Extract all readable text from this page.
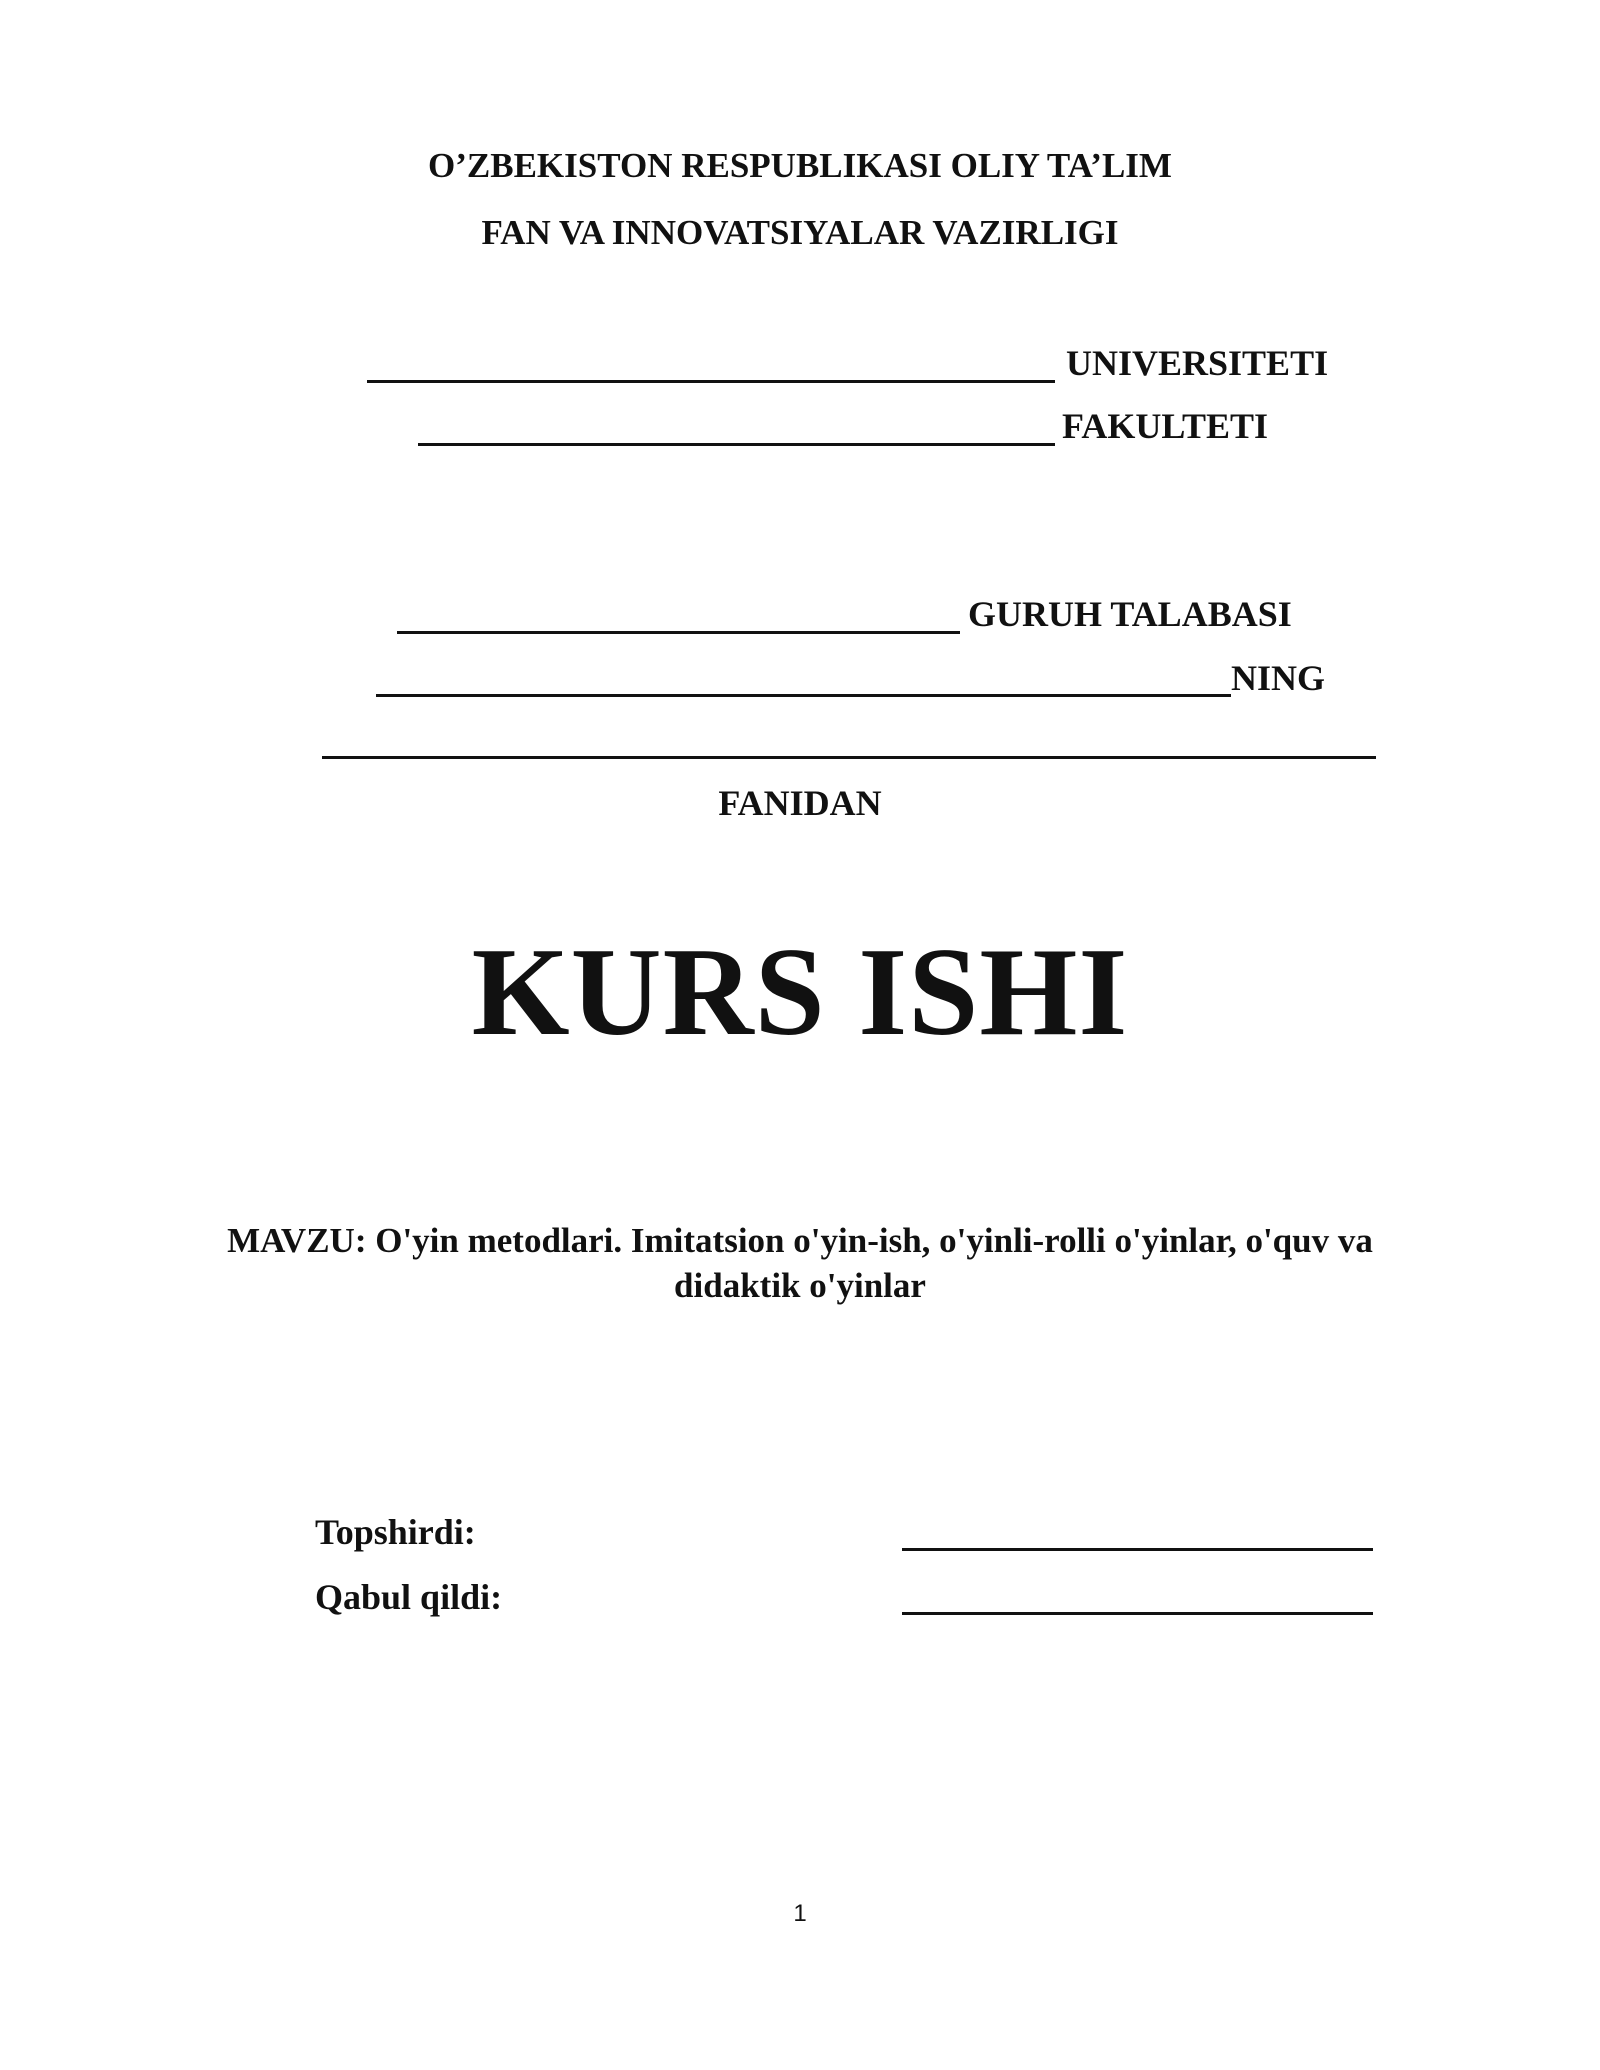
O’ZBEKISTON RESPUBLIKASI OLIY TA’LIM
FAN VA INNOVATSIYALAR VAZIRLIGI
UNIVERSITETI
FAKULTETI
GURUH TALABASI
NING
FANIDAN
KURS ISHI
MAVZU: O'yin metodlari. Imitatsion o'yin-ish, o'yinli-rolli o'yinlar, o'quv va
didaktik o'yinlar
Topshirdi:
Qabul qildi:
1
